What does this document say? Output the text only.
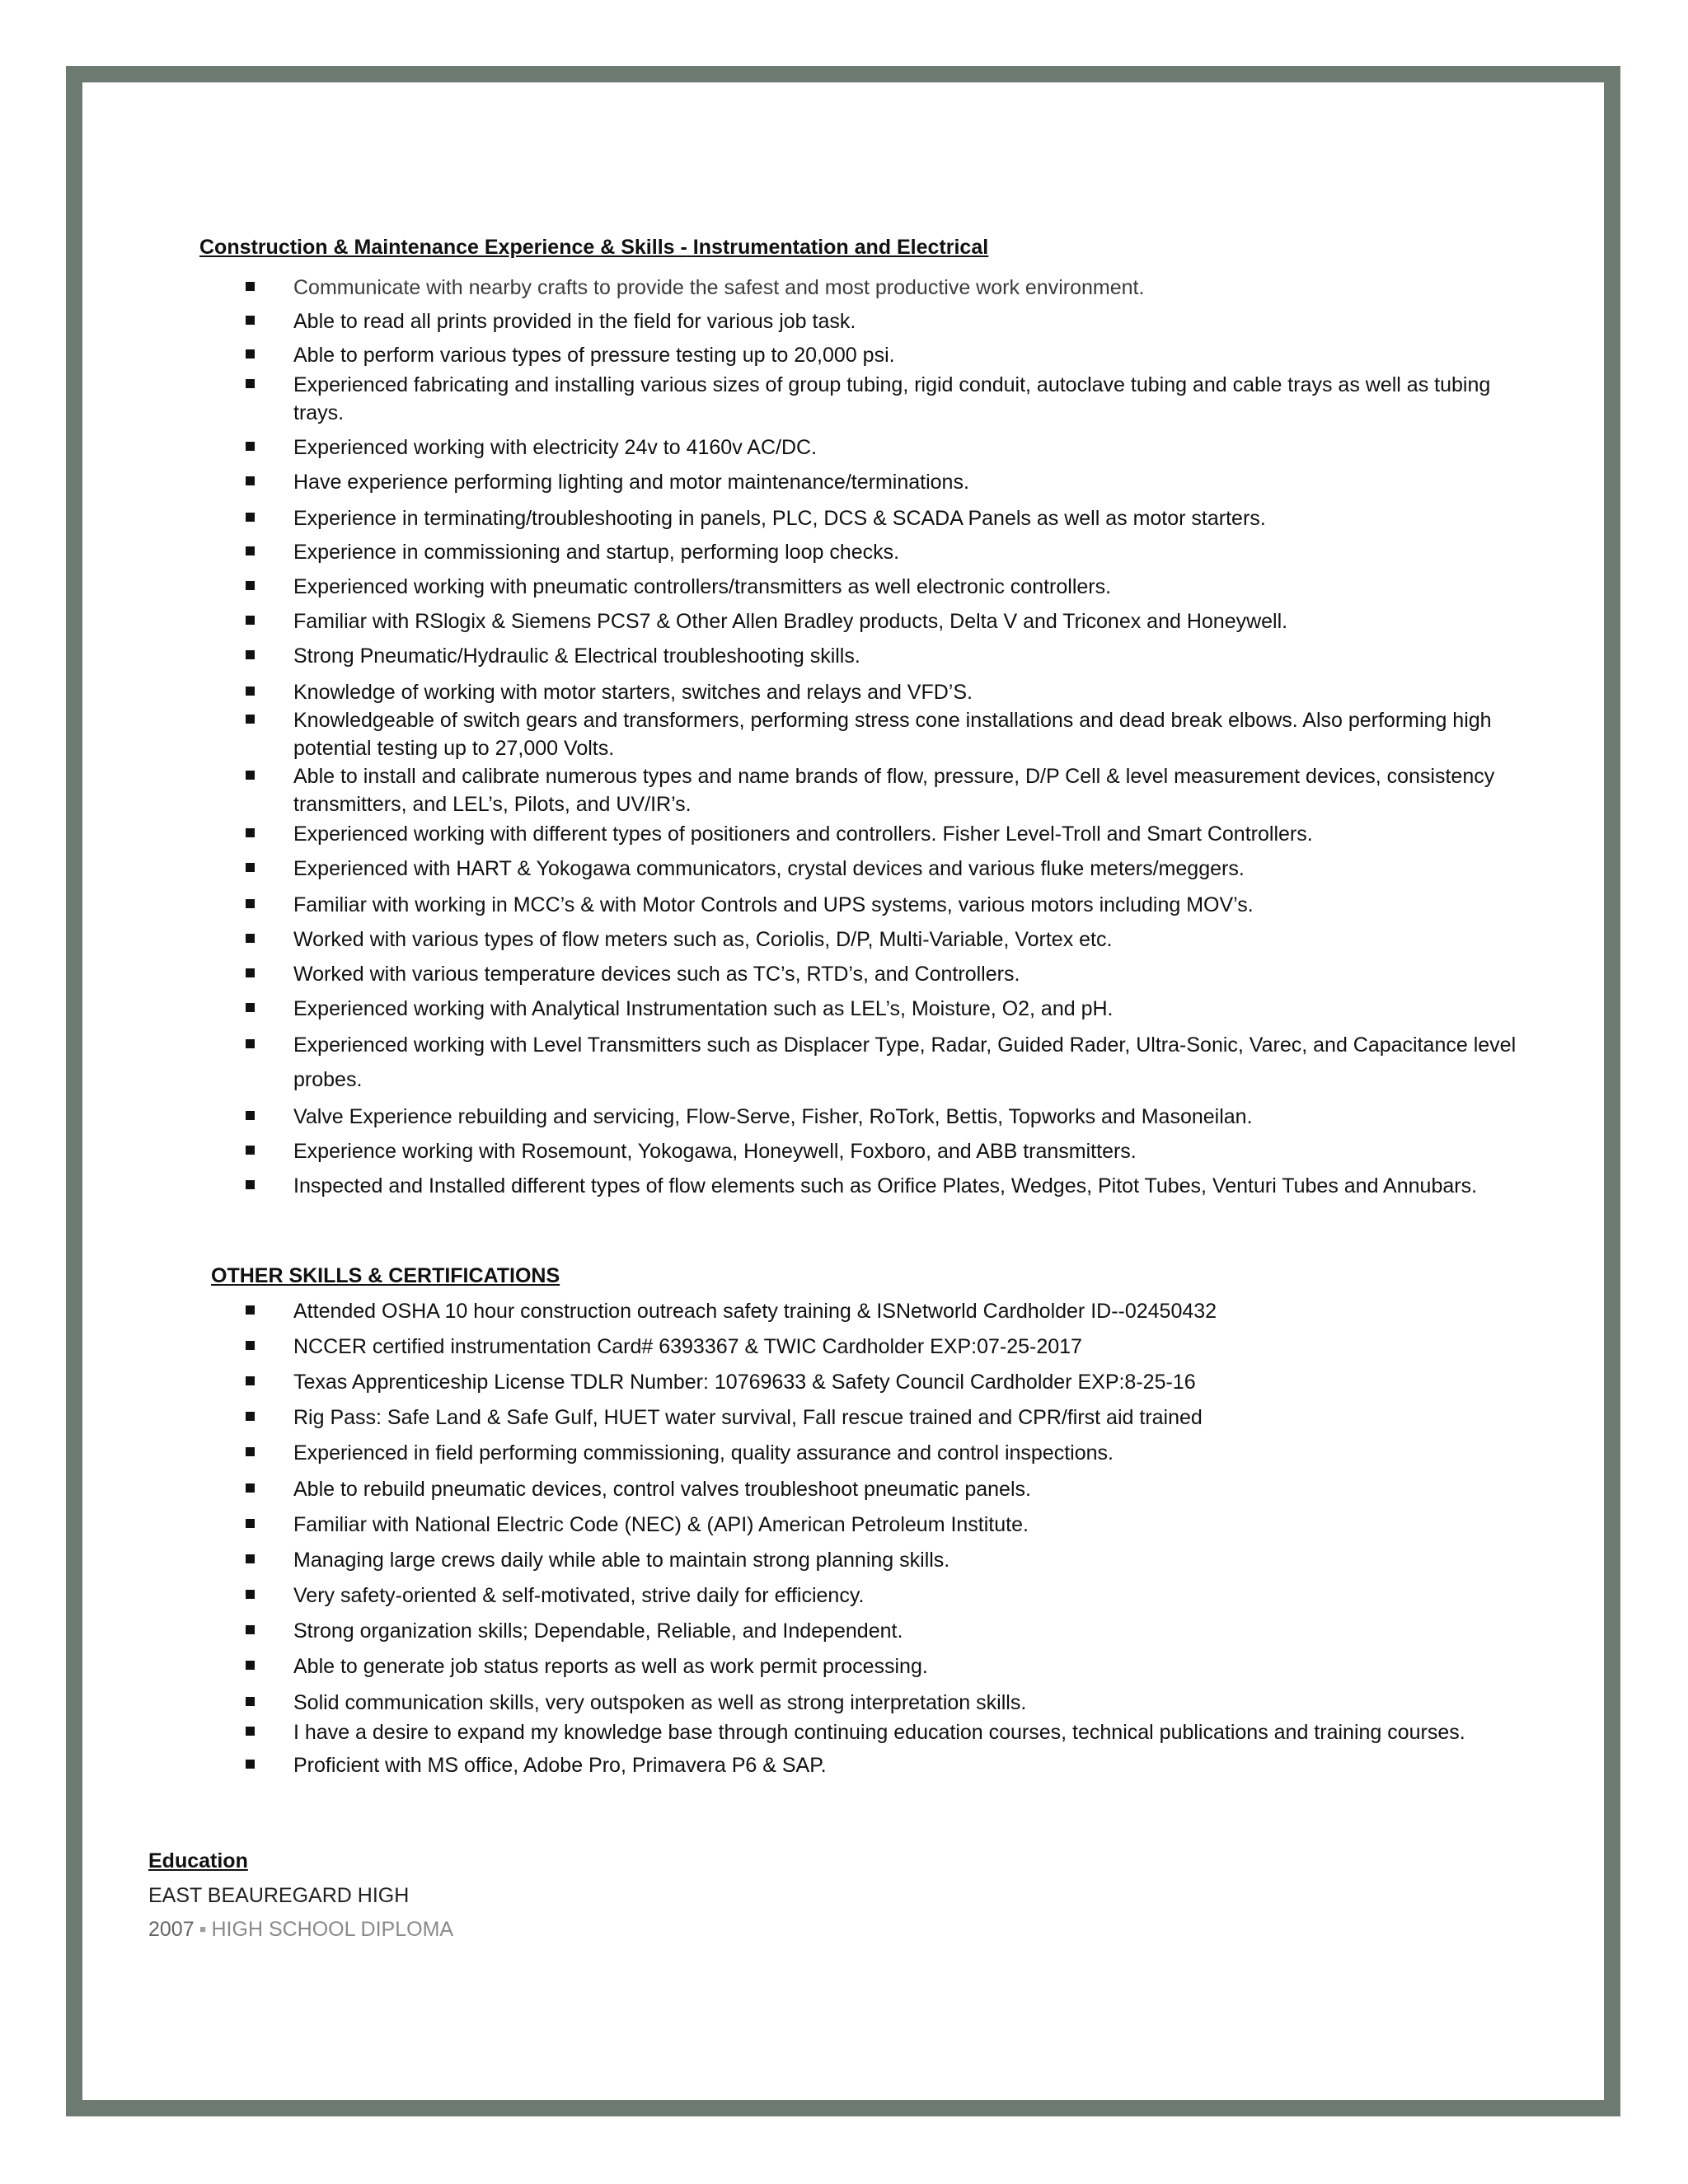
Construction & Maintenance Experience & Skills - Instrumentation and Electrical
Communicate with nearby crafts to provide the safest and most productive work environment.
Able to read all prints provided in the field for various job task.
Able to perform various types of pressure testing up to 20,000 psi.
Experienced fabricating and installing various sizes of group tubing, rigid conduit, autoclave tubing and cable trays as well as tubing trays.
Experienced working with electricity 24v to 4160v AC/DC.
Have experience performing lighting and motor maintenance/terminations.
Experience in terminating/troubleshooting in panels, PLC, DCS & SCADA Panels as well as motor starters.
Experience in commissioning and startup, performing loop checks.
Experienced working with pneumatic controllers/transmitters as well electronic controllers.
Familiar with RSlogix & Siemens PCS7 & Other Allen Bradley products, Delta V and Triconex and Honeywell.
Strong Pneumatic/Hydraulic & Electrical troubleshooting skills.
Knowledge of working with motor starters, switches and relays and VFD’S.
Knowledgeable of switch gears and transformers, performing stress cone installations and dead break elbows. Also performing high potential testing up to 27,000 Volts.
Able to install and calibrate numerous types and name brands of flow, pressure, D/P Cell & level measurement devices, consistency transmitters, and LEL’s, Pilots, and UV/IR’s.
Experienced working with different types of positioners and controllers. Fisher Level-Troll and Smart Controllers.
Experienced with HART & Yokogawa communicators, crystal devices and various fluke meters/meggers.
Familiar with working in MCC’s & with Motor Controls and UPS systems, various motors including MOV’s.
Worked with various types of flow meters such as, Coriolis, D/P, Multi-Variable, Vortex etc.
Worked with various temperature devices such as TC’s, RTD’s, and Controllers.
Experienced working with Analytical Instrumentation such as LEL’s, Moisture, O2, and pH.
Experienced working with Level Transmitters such as Displacer Type, Radar, Guided Rader, Ultra-Sonic, Varec, and Capacitance level probes.
Valve Experience rebuilding and servicing, Flow-Serve, Fisher, RoTork, Bettis, Topworks and Masoneilan.
Experience working with Rosemount, Yokogawa, Honeywell, Foxboro, and ABB transmitters.
Inspected and Installed different types of flow elements such as Orifice Plates, Wedges, Pitot Tubes, Venturi Tubes and Annubars.
OTHER SKILLS & CERTIFICATIONS
Attended OSHA 10 hour construction outreach safety training & ISNetworld Cardholder ID--02450432
NCCER certified instrumentation Card# 6393367 & TWIC Cardholder EXP:07-25-2017
Texas Apprenticeship License TDLR Number: 10769633 & Safety Council Cardholder EXP:8-25-16
Rig Pass: Safe Land & Safe Gulf, HUET water survival, Fall rescue trained and CPR/first aid trained
Experienced in field performing commissioning, quality assurance and control inspections.
Able to rebuild pneumatic devices, control valves troubleshoot pneumatic panels.
Familiar with National Electric Code (NEC) & (API) American Petroleum Institute.
Managing large crews daily while able to maintain strong planning skills.
Very safety-oriented & self-motivated, strive daily for efficiency.
Strong organization skills; Dependable, Reliable, and Independent.
Able to generate job status reports as well as work permit processing.
Solid communication skills, very outspoken as well as strong interpretation skills.
I have a desire to expand my knowledge base through continuing education courses, technical publications and training courses.
Proficient with MS office, Adobe Pro, Primavera P6 & SAP.
Education
EAST BEAUREGARD HIGH
2007 ▪ HIGH SCHOOL DIPLOMA
